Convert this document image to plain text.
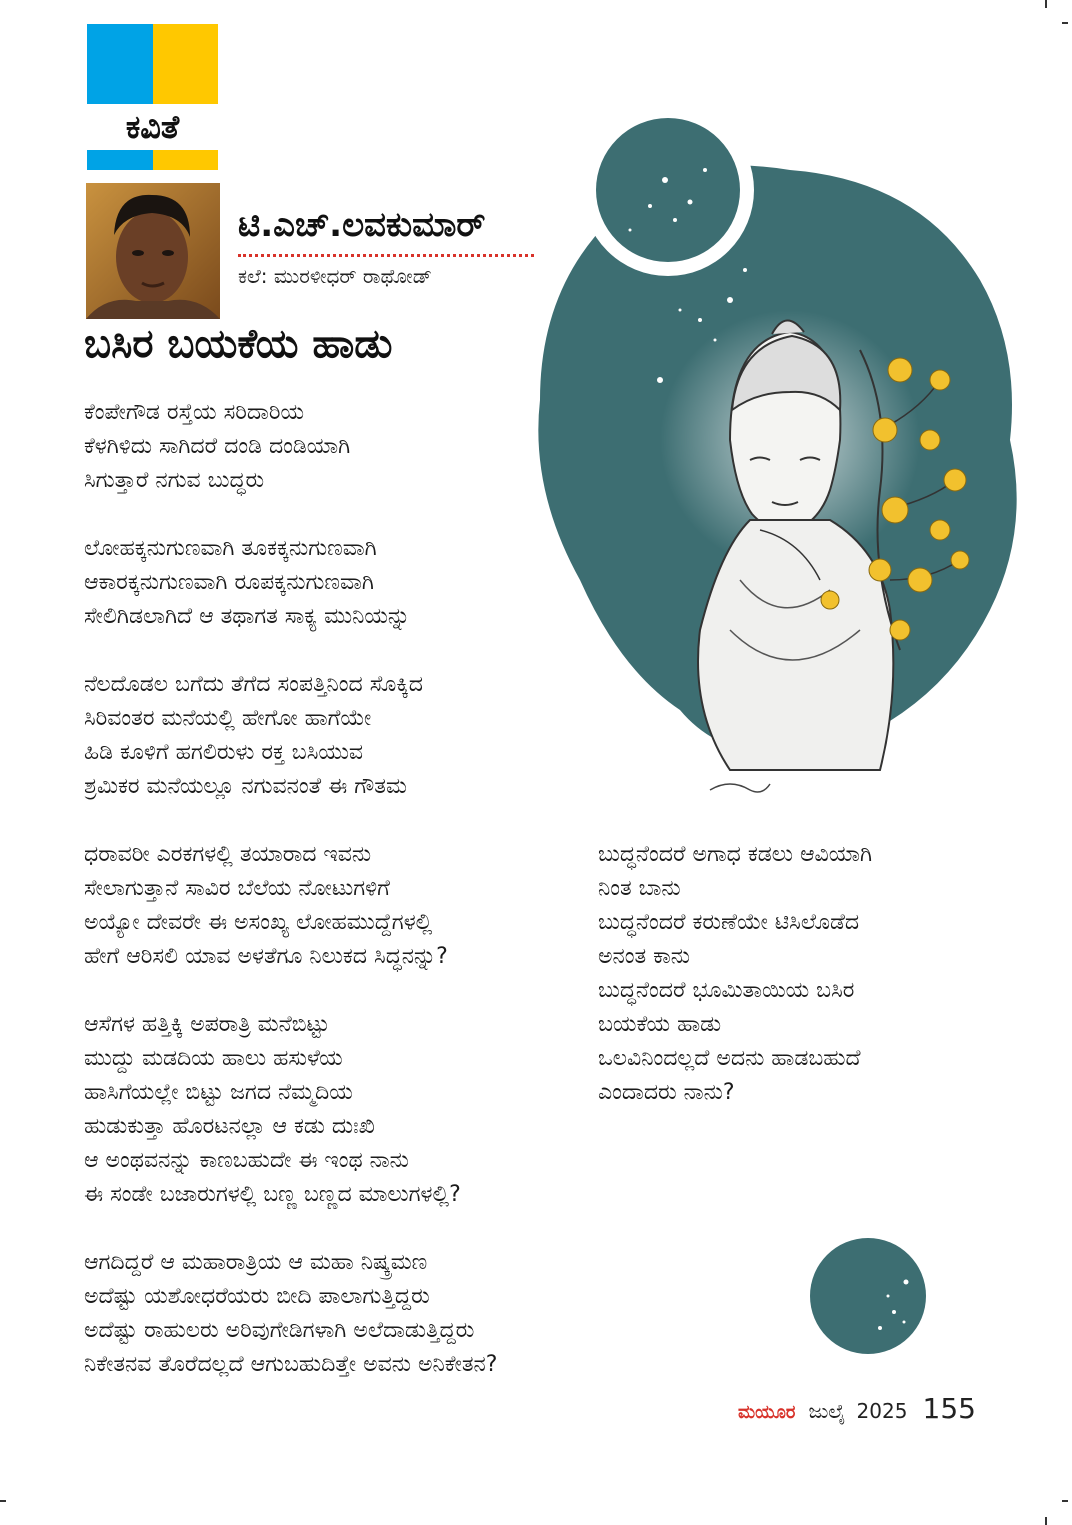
ಕವಿತೆ
ಟಿ.ಎಚ್.ಲವಕುಮಾರ್
ಕಲೆ: ಮುರಳೀಧರ್ ರಾಥೋಡ್
ಬಸಿರ ಬಯಕೆಯ ಹಾಡು
ಕೆಂಪೇಗೌಡ ರಸ್ತೆಯ ಸರಿದಾರಿಯ
ಕೆಳಗಿಳಿದು ಸಾಗಿದರೆ ದಂಡಿ ದಂಡಿಯಾಗಿ
ಸಿಗುತ್ತಾರೆ ನಗುವ ಬುದ್ಧರು
ಲೋಹಕ್ಕನುಗುಣವಾಗಿ ತೂಕಕ್ಕನುಗುಣವಾಗಿ
ಆಕಾರಕ್ಕನುಗುಣವಾಗಿ ರೂಪಕ್ಕನುಗುಣವಾಗಿ
ಸೇಲಿಗಿಡಲಾಗಿದೆ ಆ ತಥಾಗತ ಸಾಕ್ಯ ಮುನಿಯನ್ನು
ನೆಲದೊಡಲ ಬಗೆದು ತೆಗೆದ ಸಂಪತ್ತಿನಿಂದ ಸೊಕ್ಕಿದ
ಸಿರಿವಂತರ ಮನೆಯಲ್ಲಿ ಹೇಗೋ ಹಾಗೆಯೇ
ಹಿಡಿ ಕೂಳಿಗೆ ಹಗಲಿರುಳು ರಕ್ತ ಬಸಿಯುವ
ಶ್ರಮಿಕರ ಮನೆಯಲ್ಲೂ ನಗುವನಂತೆ ಈ ಗೌತಮ
ಧರಾವರೀ ಎರಕಗಳಲ್ಲಿ ತಯಾರಾದ ಇವನು
ಸೇಲಾಗುತ್ತಾನೆ ಸಾವಿರ ಬೆಲೆಯ ನೋಟುಗಳಿಗೆ
ಅಯ್ಯೋ ದೇವರೇ ಈ ಅಸಂಖ್ಯ ಲೋಹಮುದ್ದೆಗಳಲ್ಲಿ
ಹೇಗೆ ಆರಿಸಲಿ ಯಾವ ಅಳತೆಗೂ ನಿಲುಕದ ಸಿದ್ಧನನ್ನು?
ಆಸೆಗಳ ಹತ್ತಿಕ್ಕಿ ಅಪರಾತ್ರಿ ಮನೆಬಿಟ್ಟು
ಮುದ್ದು ಮಡದಿಯ ಹಾಲು ಹಸುಳೆಯ
ಹಾಸಿಗೆಯಲ್ಲೇ ಬಿಟ್ಟು ಜಗದ ನೆಮ್ಮದಿಯ
ಹುಡುಕುತ್ತಾ ಹೊರಟನಲ್ಲಾ ಆ ಕಡು ದುಃಖಿ
ಆ ಅಂಥವನನ್ನು ಕಾಣಬಹುದೇ ಈ ಇಂಥ ನಾನು
ಈ ಸಂಡೇ ಬಜಾರುಗಳಲ್ಲಿ ಬಣ್ಣ ಬಣ್ಣದ ಮಾಲುಗಳಲ್ಲಿ?
ಆಗದಿದ್ದರೆ ಆ ಮಹಾರಾತ್ರಿಯ ಆ ಮಹಾ ನಿಷ್ಕ್ರಮಣ
ಅದೆಷ್ಟು ಯಶೋಧರೆಯರು ಬೀದಿ ಪಾಲಾಗುತ್ತಿದ್ದರು
ಅದೆಷ್ಟು ರಾಹುಲರು ಅರಿವುಗೇಡಿಗಳಾಗಿ ಅಲೆದಾಡುತ್ತಿದ್ದರು
ನಿಕೇತನವ ತೊರೆದಲ್ಲದೆ ಆಗುಬಹುದಿತ್ತೇ ಅವನು ಅನಿಕೇತನ?
ಬುದ್ಧನೆಂದರೆ ಅಗಾಧ ಕಡಲು ಆವಿಯಾಗಿ
ನಿಂತ ಬಾನು
ಬುದ್ಧನೆಂದರೆ ಕರುಣೆಯೇ ಟಿಸಿಲೊಡೆದ
ಅನಂತ ಕಾನು
ಬುದ್ಧನೆಂದರೆ ಭೂಮಿತಾಯಿಯ ಬಸಿರ
ಬಯಕೆಯ ಹಾಡು
ಒಲವಿನಿಂದಲ್ಲದೆ ಅದನು ಹಾಡಬಹುದೆ
ಎಂದಾದರು ನಾನು?
ಮಯೂರ ಜುಲೈ 2025 155
